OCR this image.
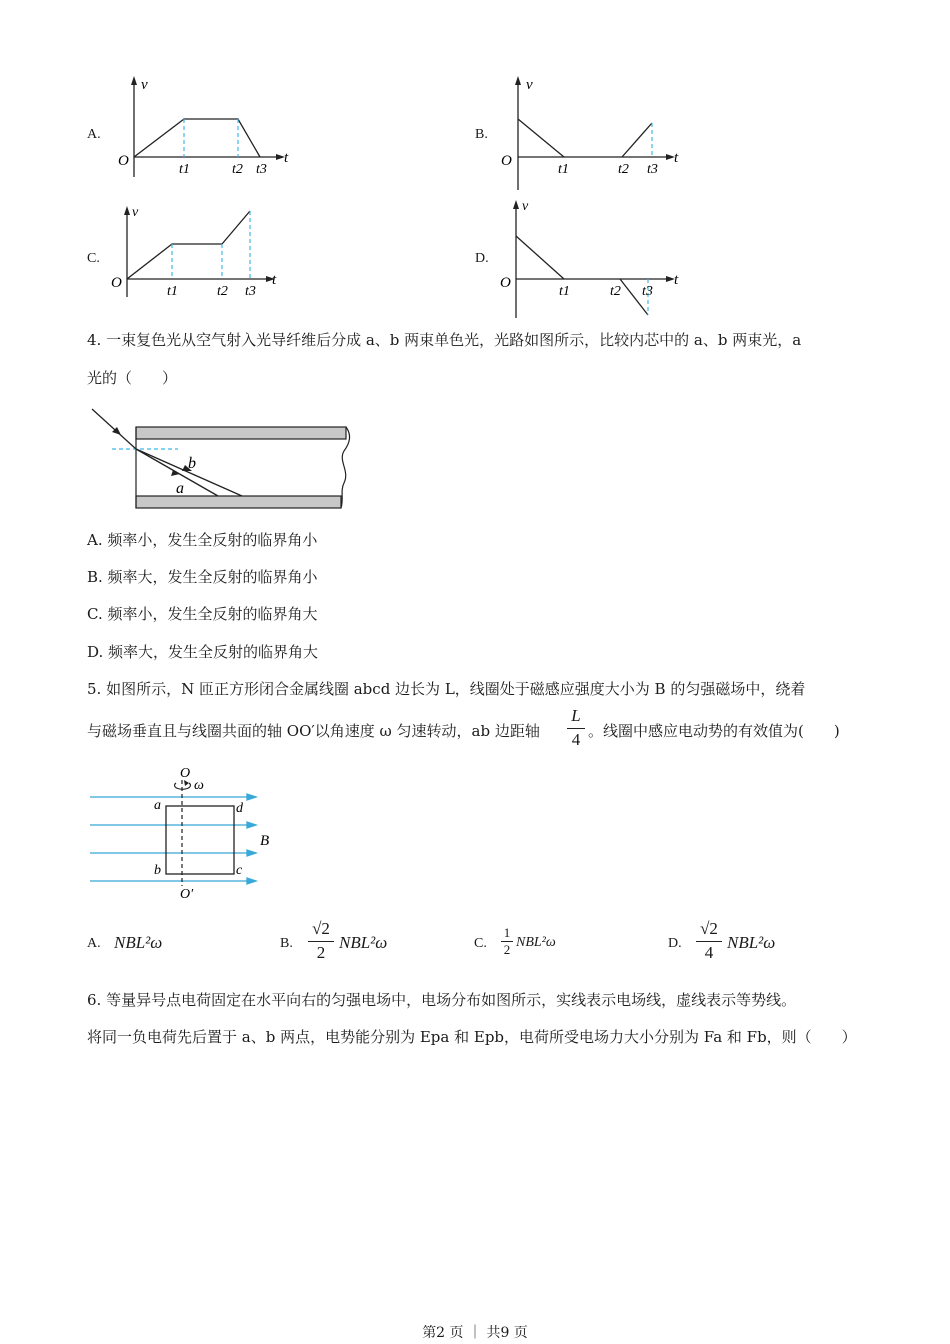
A.
v
t
O
t1	t2 t3
B.
v
t
O
t1	t2 t3
C.
v
t
O
t1	t2 t3
D.
v
t
O
t1	t2 t3
4. 一束复色光从空气射入光导纤维后分成 a、b 两束单色光，光路如图所示，比较内芯中的 a、b 两束光，a
光的（　　）
b
a
A. 频率小，发生全反射的临界角小
B. 频率大，发生全反射的临界角小
C. 频率小，发生全反射的临界角大
D. 频率大，发生全反射的临界角大
5. 如图所示，N 匝正方形闭合金属线圈 abcd 边长为 L，线圈处于磁感应强度大小为 B 的匀强磁场中，绕着
与磁场垂直且与线圈共面的轴 OO′以角速度 ω 匀速转动，ab 边距轴
L
4 。线圈中感应电动势的有效值为(　　)
O
ω
a	d
B
b	c
O′
A. NBL²ω	B.
√2
2
NBL²ω	C.
1
2 NBL²ω	D.
√2
4
NBL²ω
6. 等量异号点电荷固定在水平向右的匀强电场中，电场分布如图所示，实线表示电场线，虚线表示等势线。
将同一负电荷先后置于 a、b 两点，电势能分别为 Epa 和 Epb，电荷所受电场力大小分别为 Fa 和 Fb，则（　　）
第2 页 ｜ 共9 页
